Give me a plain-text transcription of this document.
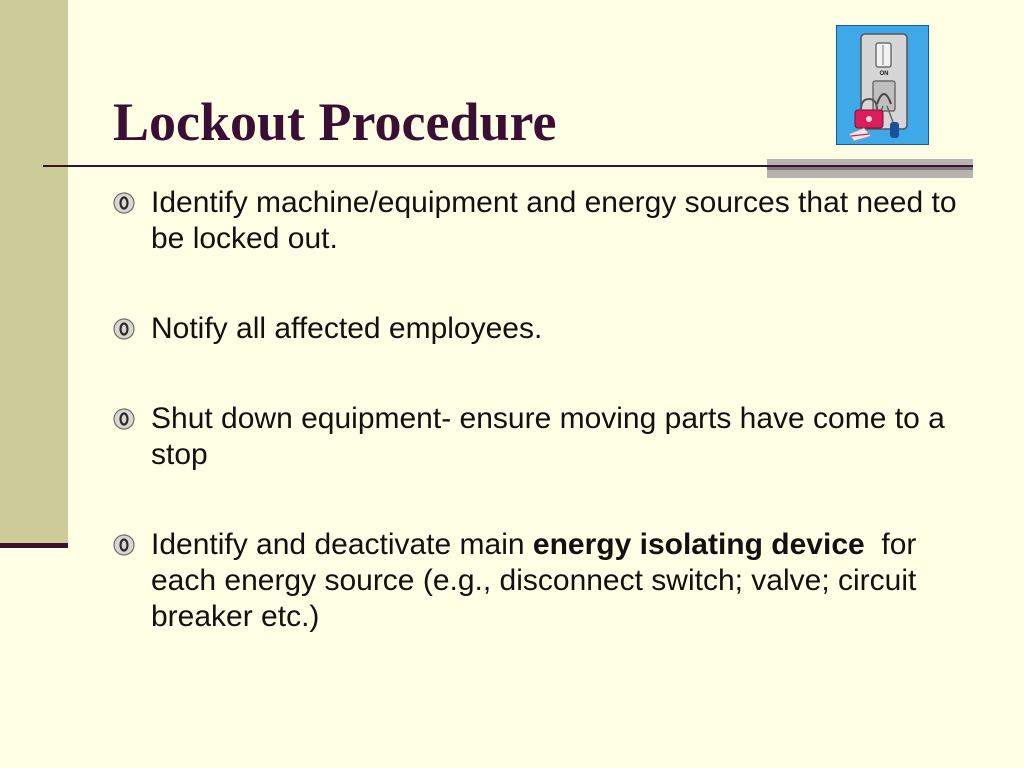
Lockout Procedure
ON
Identify machine/equipment and energy sources that need to be locked out.
Notify all affected employees.
Shut down equipment- ensure moving parts have come to a stop
Identify and deactivate main energy isolating device  for each energy source (e.g., disconnect switch; valve; circuit breaker etc.)
